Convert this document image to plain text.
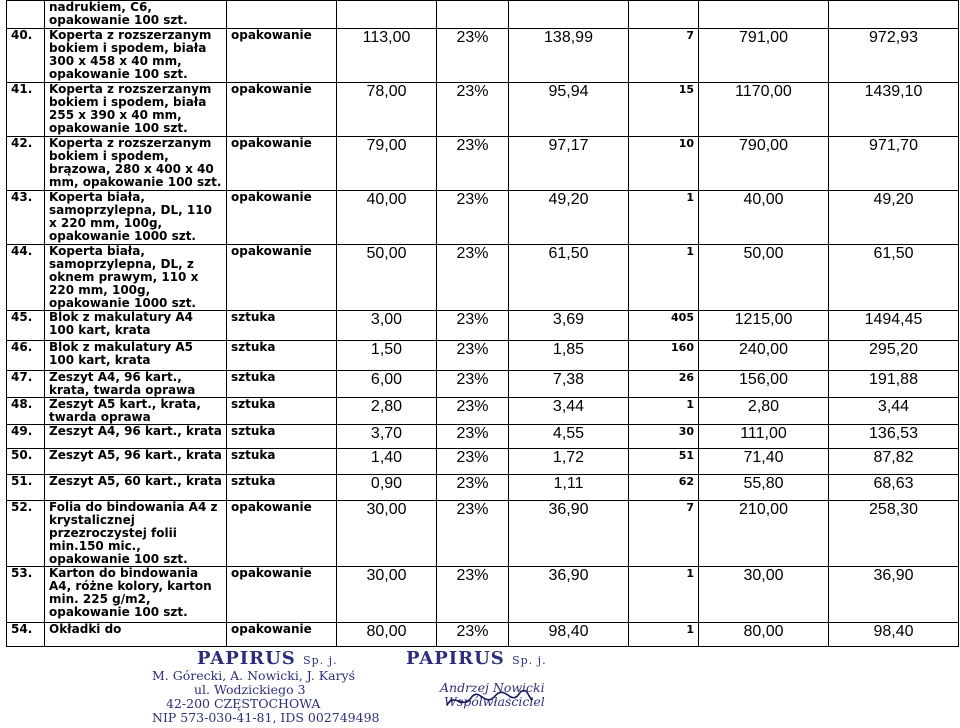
	nadrukiem, C6, opakowanie 100 szt.							
40.	Koperta z rozszerzanym bokiem i spodem, biała 300 x 458 x 40 mm, opakowanie 100 szt.	opakowanie	113,00	23%	138,99	7	791,00	972,93
41.	Koperta z rozszerzanym bokiem i spodem, biała 255 x 390 x 40 mm, opakowanie 100 szt.	opakowanie	78,00	23%	95,94	15	1170,00	1439,10
42.	Koperta z rozszerzanym bokiem i spodem, brązowa, 280 x 400 x 40 mm, opakowanie 100 szt.	opakowanie	79,00	23%	97,17	10	790,00	971,70
43.	Koperta biała, samoprzylepna, DL, 110 x 220 mm, 100g, opakowanie 1000 szt.	opakowanie	40,00	23%	49,20	1	40,00	49,20
44.	Koperta biała, samoprzylepna, DL, z oknem prawym, 110 x 220 mm, 100g, opakowanie 1000 szt.	opakowanie	50,00	23%	61,50	1	50,00	61,50
45.	Blok z makulatury A4 100 kart, krata	sztuka	3,00	23%	3,69	405	1215,00	1494,45
46.	Blok z makulatury A5 100 kart, krata	sztuka	1,50	23%	1,85	160	240,00	295,20
47.	Zeszyt A4, 96 kart., krata, twarda oprawa	sztuka	6,00	23%	7,38	26	156,00	191,88
48.	Zeszyt A5 kart., krata, twarda oprawa	sztuka	2,80	23%	3,44	1	2,80	3,44
49.	Zeszyt A4, 96 kart., krata	sztuka	3,70	23%	4,55	30	111,00	136,53
50.	Zeszyt A5, 96 kart., krata	sztuka	1,40	23%	1,72	51	71,40	87,82
51.	Zeszyt A5, 60 kart., krata	sztuka	0,90	23%	1,11	62	55,80	68,63
52.	Folia do bindowania A4 z krystalicznej przezroczystej folii min.150 mic., opakowanie 100 szt.	opakowanie	30,00	23%	36,90	7	210,00	258,30
53.	Karton do bindowania A4, różne kolory, karton min. 225 g/m2, opakowanie 100 szt.	opakowanie	30,00	23%	36,90	1	30,00	36,90
54.	Okładki do	opakowanie	80,00	23%	98,40	1	80,00	98,40
PAPIRUS Sp. j.
M. Górecki, A. Nowicki, J. Karyś
ul. Wodzickiego 3
42-200 CZĘSTOCHOWA
NIP 573-030-41-81, IDS 002749498
PAPIRUS Sp. j.
Andrzej Nowicki
Wspólwłaściciel
